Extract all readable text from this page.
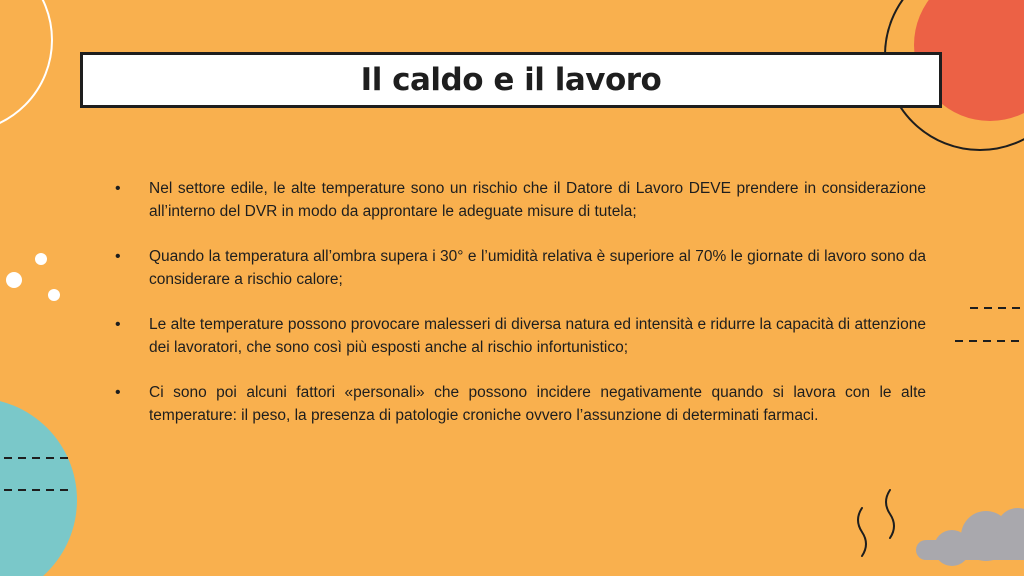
Il caldo e il lavoro
• Nel settore edile, le alte temperature sono un rischio che il Datore di Lavoro DEVE prendere in considerazione all’interno del DVR in modo da approntare le adeguate misure di tutela;
• Quando la temperatura all’ombra supera i 30° e l’umidità relativa è superiore al 70% le giornate di lavoro sono da considerare a rischio calore;
• Le alte temperature possono provocare malesseri di diversa natura ed intensità e ridurre la capacità di attenzione dei lavoratori, che sono così più esposti anche al rischio infortunistico;
• Ci sono poi alcuni fattori «personali» che possono incidere negativamente quando si lavora con le alte temperature: il peso, la presenza di patologie croniche ovvero l’assunzione di determinati farmaci.
